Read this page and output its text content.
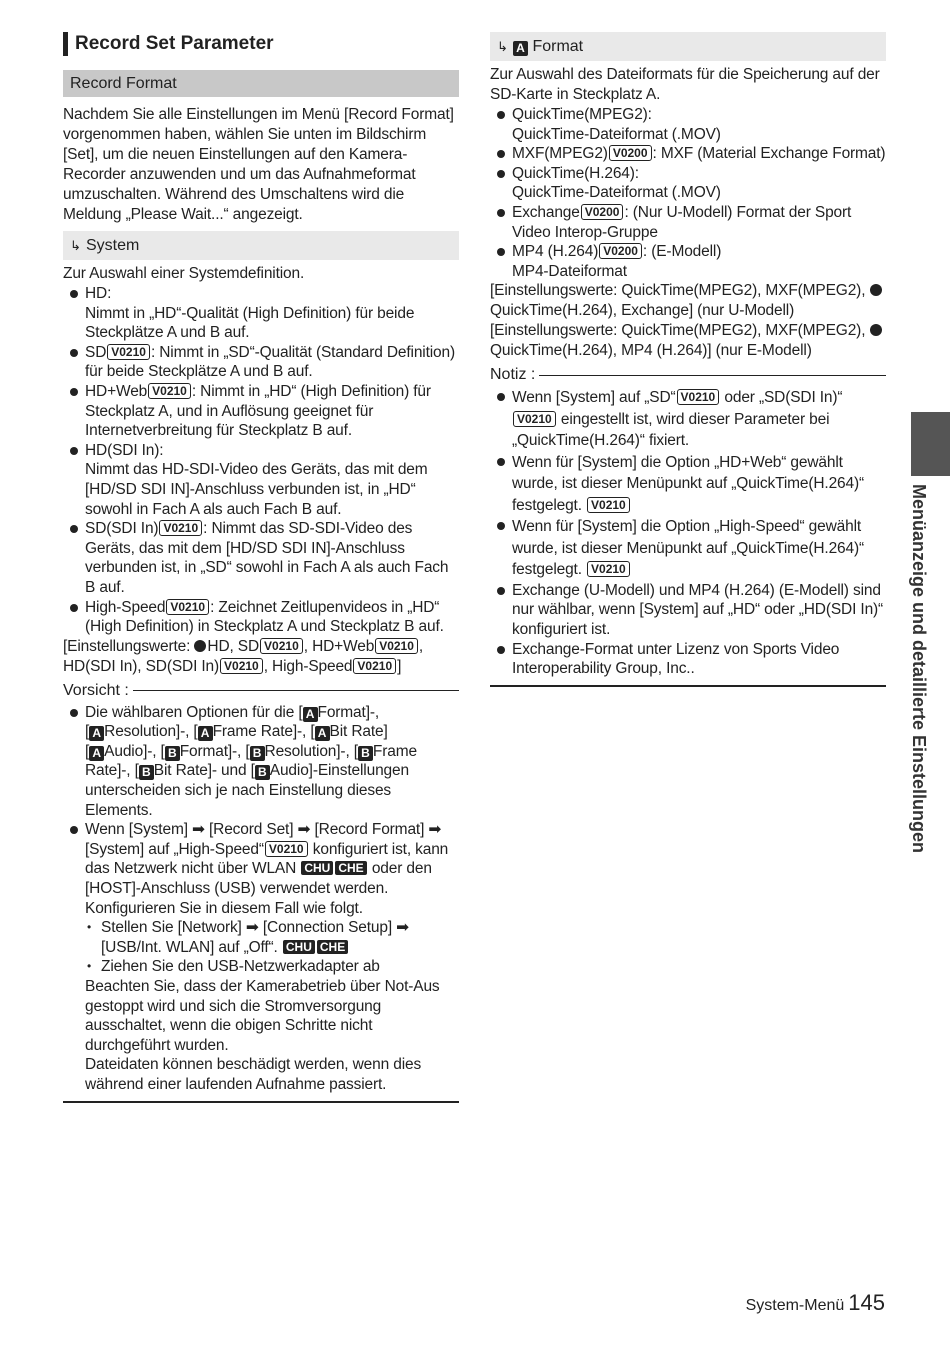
Record Set Parameter
Record Format
Nachdem Sie alle Einstellungen im Menü [Record Format] vorgenommen haben, wählen Sie unten im Bildschirm [Set], um die neuen Einstellungen auf den Kamera-Recorder anzuwenden und um das Aufnahmeformat umzuschalten. Während des Umschaltens wird die Meldung „Please Wait...“ angezeigt.
↳ System
Zur Auswahl einer Systemdefinition.
HD:
Nimmt in „HD“-Qualität (High Definition) für beide Steckplätze A und B auf.
SD V0210 : Nimmt in „SD“-Qualität (Standard Definition) für beide Steckplätze A und B auf.
HD+Web V0210 : Nimmt in „HD“ (High Definition) für Steckplatz A, und in Auflösung geeignet für Internetverbreitung für Steckplatz B auf.
HD(SDI In):
Nimmt das HD-SDI-Video des Geräts, das mit dem [HD/SD SDI IN]-Anschluss verbunden ist, in „HD“ sowohl in Fach A als auch Fach B auf.
SD(SDI In) V0210 : Nimmt das SD-SDI-Video des Geräts, das mit dem [HD/SD SDI IN]-Anschluss verbunden ist, in „SD“ sowohl in Fach A als auch Fach B auf.
High-Speed V0210 : Zeichnet Zeitlupenvideos in „HD“ (High Definition) in Steckplatz A und Steckplatz B auf.
[Einstellungswerte: HD, SD V0210 , HD+Web V0210 , HD(SDI In), SD(SDI In) V0210 , High-Speed V0210 ]
Vorsicht :
Die wählbaren Optionen für die [ A Format]-,
[ A Resolution]-, [ A Frame Rate]-, [ A Bit Rate]
[ A Audio]-, [ B Format]-, [ B Resolution]-, [ B Frame
Rate]-, [ B Bit Rate]- und [ B Audio]-Einstellungen unterscheiden sich je nach Einstellung dieses Elements.
Wenn [System] ➡ [Record Set] ➡ [Record Format] ➡ [System] auf „High-Speed“ V0210 konfiguriert ist, kann das Netzwerk nicht über WLAN CHU CHE oder den [HOST]-Anschluss (USB) verwendet werden. Konfigurieren Sie in diesem Fall wie folgt.
• Stellen Sie [Network] ➡ [Connection Setup] ➡ [USB/Int. WLAN] auf „Off“. CHU CHE
• Ziehen Sie den USB-Netzwerkadapter ab
Beachten Sie, dass der Kamerabetrieb über Not-Aus gestoppt wird und sich die Stromversorgung ausschaltet, wenn die obigen Schritte nicht durchgeführt wurden.
Dateidaten können beschädigt werden, wenn dies während einer laufenden Aufnahme passiert.
↳ A Format
Zur Auswahl des Dateiformats für die Speicherung auf der SD-Karte in Steckplatz A.
QuickTime(MPEG2):
QuickTime-Dateiformat (.MOV)
MXF(MPEG2) V0200 : MXF (Material Exchange Format)
QuickTime(H.264):
QuickTime-Dateiformat (.MOV)
Exchange V0200 : (Nur U-Modell) Format der Sport Video Interop-Gruppe
MP4 (H.264) V0200 : (E-Modell)
MP4-Dateiformat
[Einstellungswerte: QuickTime(MPEG2), MXF(MPEG2), QuickTime(H.264), Exchange] (nur U-Modell)
[Einstellungswerte: QuickTime(MPEG2), MXF(MPEG2), QuickTime(H.264), MP4 (H.264)] (nur E-Modell)
Notiz :
Wenn [System] auf „SD“ V0210 oder „SD(SDI In)“V0210 eingestellt ist, wird dieser Parameter bei „QuickTime(H.264)“ fixiert.
Wenn für [System] die Option „HD+Web“ gewählt wurde, ist dieser Menüpunkt auf „QuickTime(H.264)“ festgelegt. V0210
Wenn für [System] die Option „High-Speed“ gewählt wurde, ist dieser Menüpunkt auf „QuickTime(H.264)“ festgelegt. V0210
Exchange (U-Modell) und MP4 (H.264) (E-Modell) sind nur wählbar, wenn [System] auf „HD“ oder „HD(SDI In)“ konfiguriert ist.
Exchange-Format unter Lizenz von Sports Video Interoperability Group, Inc..	Menüanzeige und detaillierte Einstellungen
System-Menü 145
